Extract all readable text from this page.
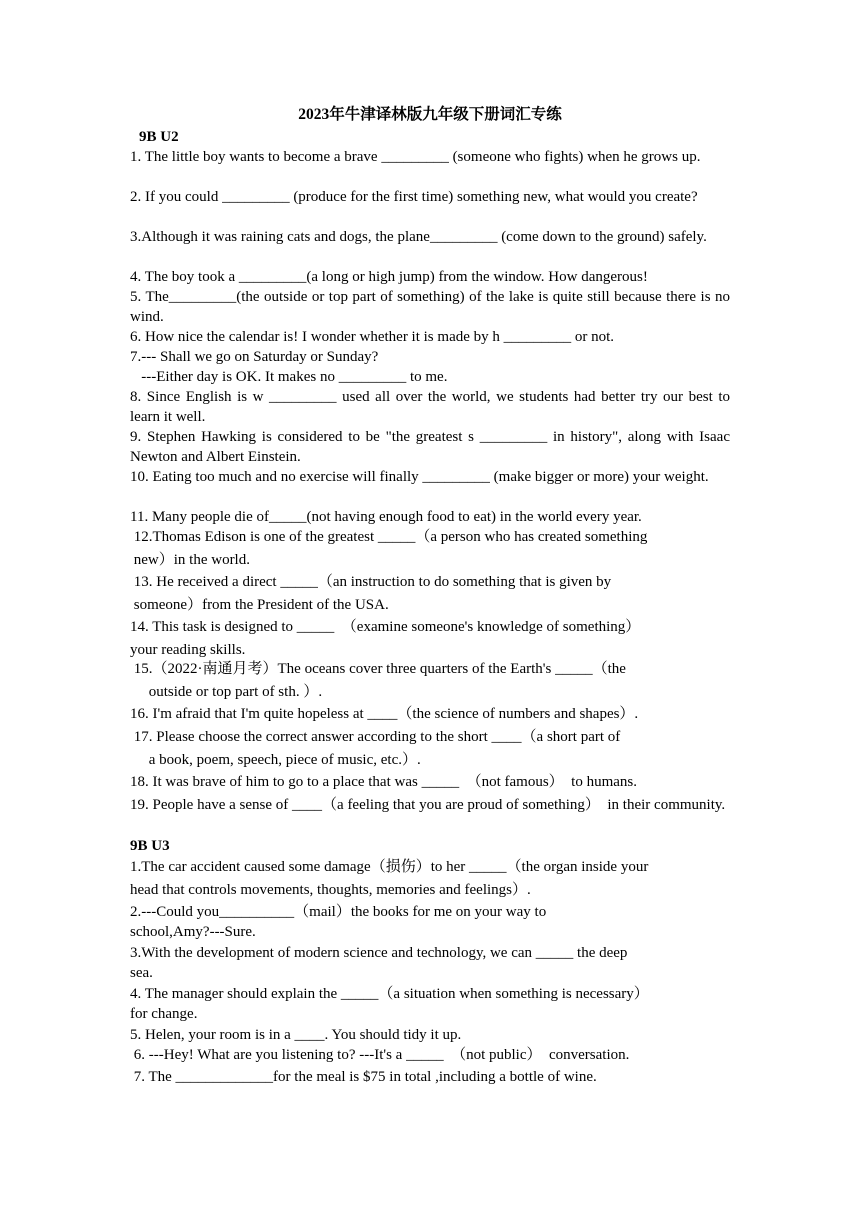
2023年牛津译林版九年级下册词汇专练
9B U2
1. The little boy wants to become a brave _________ (someone who fights) when he grows up.
2. If you could _________ (produce for the first time) something new, what would you create?
3.Although it was raining cats and dogs, the plane_________ (come down to the ground) safely.
4. The boy took a _________(a long or high jump) from the window. How dangerous!
5. The_________(the outside or top part of something) of the lake is quite still because there is no wind.
6. How nice the calendar is! I wonder whether it is made by h _________ or not.
7.--- Shall we go on Saturday or Sunday?
---Either day is OK. It makes no _________ to me.
8. Since English is w _________ used all over the world, we students had better try our best to learn it well.
9. Stephen Hawking is considered to be "the greatest s _________ in history", along with Isaac Newton and Albert Einstein.
10. Eating too much and no exercise will finally _________ (make bigger or more) your weight.
11. Many people die of_____(not having enough food to eat) in the world every year.
12.Thomas Edison is one of the greatest _____（a person who has created something
new）in the world.
13. He received a direct _____（an instruction to do something that is given by
someone）from the President of the USA.
14. This task is designed to _____  （examine someone's knowledge of something）
your reading skills.
15.（2022·南通月考）The oceans cover three quarters of the Earth's _____（the
outside or top part of sth. ）.
16. I'm afraid that I'm quite hopeless at ____（the science of numbers and shapes）.
17. Please choose the correct answer according to the short ____（a short part of
a book, poem, speech, piece of music, etc.）.
18. It was brave of him to go to a place that was _____  （not famous）  to humans.
19. People have a sense of ____（a feeling that you are proud of something）  in their community.
9B U3
1.The car accident caused some damage（损伤）to her _____（the organ inside your
head that controls movements, thoughts, memories and feelings）.
2.---Could you__________（mail）the books for me on your way to
school,Amy?---Sure.
3.With the development of modern science and technology, we can _____ the deep
sea.
4. The manager should explain the _____（a situation when something is necessary）
for change.
5. Helen, your room is in a ____. You should tidy it up.
6. ---Hey! What are you listening to? ---It's a _____  （not public）  conversation.
7. The _____________for the meal is $75 in total ,including a bottle of wine.
